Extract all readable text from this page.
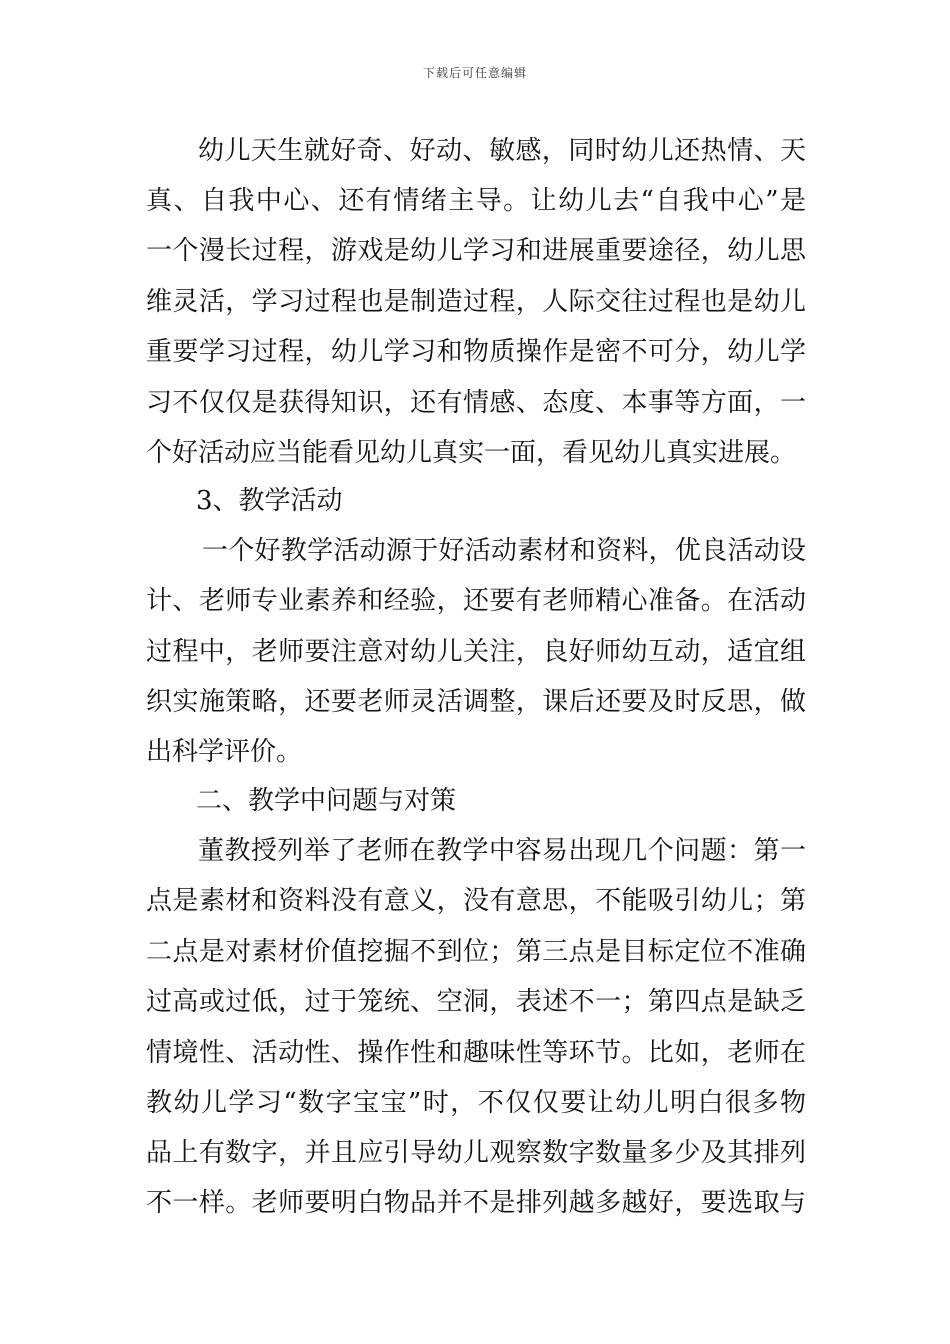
下载后可任意编辑
幼儿天生就好奇、好动、敏感，同时幼儿还热情、天
真、自我中心、还有情绪主导。让幼儿去“自我中心”是
一个漫长过程，游戏是幼儿学习和进展重要途径，幼儿思
维灵活，学习过程也是制造过程，人际交往过程也是幼儿
重要学习过程，幼儿学习和物质操作是密不可分，幼儿学
习不仅仅是获得知识，还有情感、态度、本事等方面，一
个好活动应当能看见幼儿真实一面，看见幼儿真实进展。
3、教学活动
一个好教学活动源于好活动素材和资料，优良活动设
计、老师专业素养和经验，还要有老师精心准备。在活动
过程中，老师要注意对幼儿关注，良好师幼互动，适宜组
织实施策略，还要老师灵活调整，课后还要及时反思，做
出科学评价。
二、教学中问题与对策
董教授列举了老师在教学中容易出现几个问题：第一
点是素材和资料没有意义，没有意思，不能吸引幼儿；第
二点是对素材价值挖掘不到位；第三点是目标定位不准确
过高或过低，过于笼统、空洞，表述不一；第四点是缺乏
情境性、活动性、操作性和趣味性等环节。比如，老师在
教幼儿学习“数字宝宝”时，不仅仅要让幼儿明白很多物
品上有数字，并且应引导幼儿观察数字数量多少及其排列
不一样。老师要明白物品并不是排列越多越好，要选取与
